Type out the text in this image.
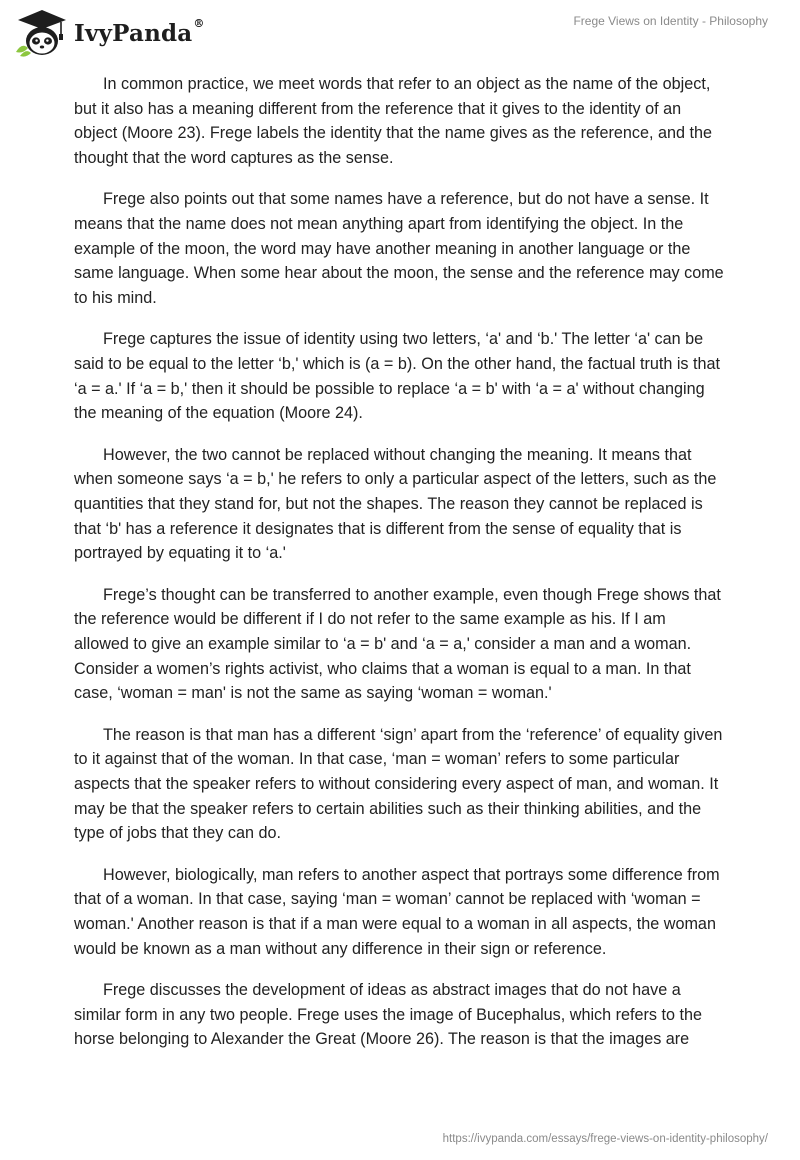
IvyPanda®	Frege Views on Identity - Philosophy

In common practice, we meet words that refer to an object as the name of the object, but it also has a meaning different from the reference that it gives to the identity of an object (Moore 23). Frege labels the identity that the name gives as the reference, and the thought that the word captures as the sense.

Frege also points out that some names have a reference, but do not have a sense. It means that the name does not mean anything apart from identifying the object. In the example of the moon, the word may have another meaning in another language or the same language. When some hear about the moon, the sense and the reference may come to his mind.

Frege captures the issue of identity using two letters, ‘a' and ‘b.' The letter ‘a' can be said to be equal to the letter ‘b,' which is (a = b). On the other hand, the factual truth is that ‘a = a.' If ‘a = b,' then it should be possible to replace ‘a = b' with ‘a = a' without changing the meaning of the equation (Moore 24).

However, the two cannot be replaced without changing the meaning. It means that when someone says ‘a = b,' he refers to only a particular aspect of the letters, such as the quantities that they stand for, but not the shapes. The reason they cannot be replaced is that ‘b' has a reference it designates that is different from the sense of equality that is portrayed by equating it to ‘a.'

Frege’s thought can be transferred to another example, even though Frege shows that the reference would be different if I do not refer to the same example as his. If I am allowed to give an example similar to ‘a = b' and ‘a = a,' consider a man and a woman. Consider a women’s rights activist, who claims that a woman is equal to a man. In that case, ‘woman = man' is not the same as saying ‘woman = woman.'

The reason is that man has a different ‘sign’ apart from the ‘reference’ of equality given to it against that of the woman. In that case, ‘man = woman’ refers to some particular aspects that the speaker refers to without considering every aspect of man, and woman. It may be that the speaker refers to certain abilities such as their thinking abilities, and the type of jobs that they can do.

However, biologically, man refers to another aspect that portrays some difference from that of a woman. In that case, saying ‘man = woman’ cannot be replaced with ‘woman = woman.' Another reason is that if a man were equal to a woman in all aspects, the woman would be known as a man without any difference in their sign or reference.

Frege discusses the development of ideas as abstract images that do not have a similar form in any two people. Frege uses the image of Bucephalus, which refers to the horse belonging to Alexander the Great (Moore 26). The reason is that the images are

https://ivypanda.com/essays/frege-views-on-identity-philosophy/
